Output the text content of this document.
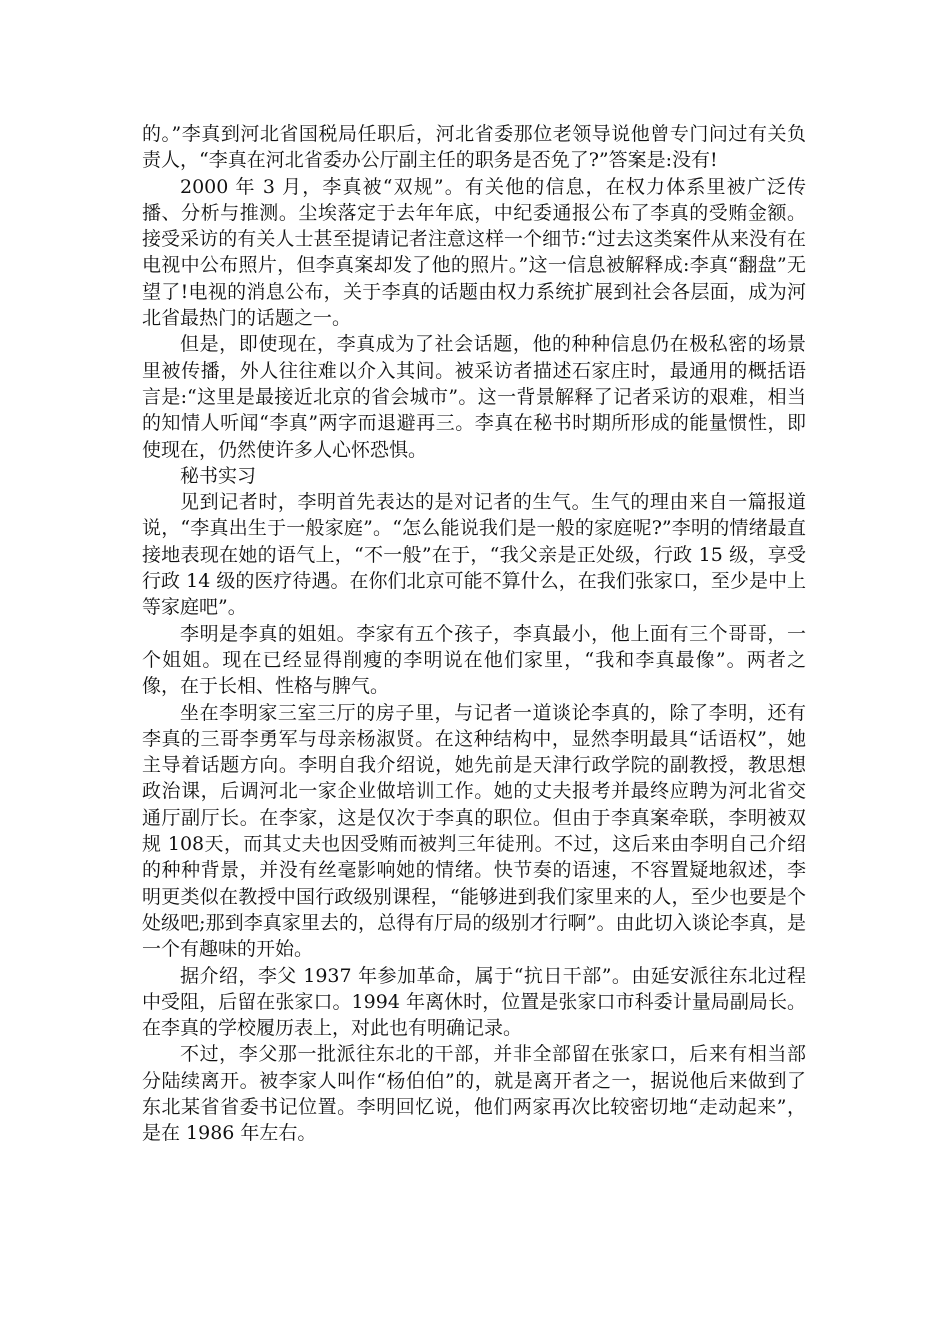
的。”李真到河北省国税局任职后，河北省委那位老领导说他曾专门问过有关负责人，“李真在河北省委办公厅副主任的职务是否免了?”答案是:没有!

2000 年 3 月，李真被“双规”。有关他的信息，在权力体系里被广泛传播、分析与推测。尘埃落定于去年年底，中纪委通报公布了李真的受贿金额。接受采访的有关人士甚至提请记者注意这样一个细节:“过去这类案件从来没有在电视中公布照片，但李真案却发了他的照片。”这一信息被解释成:李真“翻盘”无望了!电视的消息公布，关于李真的话题由权力系统扩展到社会各层面，成为河北省最热门的话题之一。

但是，即使现在，李真成为了社会话题，他的种种信息仍在极私密的场景里被传播，外人往往难以介入其间。被采访者描述石家庄时，最通用的概括语言是:“这里是最接近北京的省会城市”。这一背景解释了记者采访的艰难，相当的知情人听闻“李真”两字而退避再三。李真在秘书时期所形成的能量惯性，即使现在，仍然使许多人心怀恐惧。

秘书实习

见到记者时，李明首先表达的是对记者的生气。生气的理由来自一篇报道说，“李真出生于一般家庭”。“怎么能说我们是一般的家庭呢?”李明的情绪最直接地表现在她的语气上，“不一般”在于，“我父亲是正处级，行政 15 级，享受行政 14 级的医疗待遇。在你们北京可能不算什么，在我们张家口，至少是中上等家庭吧”。

李明是李真的姐姐。李家有五个孩子，李真最小，他上面有三个哥哥，一个姐姐。现在已经显得削瘦的李明说在他们家里，“我和李真最像”。两者之像，在于长相、性格与脾气。

坐在李明家三室三厅的房子里，与记者一道谈论李真的，除了李明，还有李真的三哥李勇军与母亲杨淑贤。在这种结构中，显然李明最具“话语权”，她主导着话题方向。李明自我介绍说，她先前是天津行政学院的副教授，教思想政治课，后调河北一家企业做培训工作。她的丈夫报考并最终应聘为河北省交通厅副厅长。在李家，这是仅次于李真的职位。但由于李真案牵联，李明被双规 108天，而其丈夫也因受贿而被判三年徒刑。不过，这后来由李明自己介绍的种种背景，并没有丝毫影响她的情绪。快节奏的语速，不容置疑地叙述，李明更类似在教授中国行政级别课程，“能够进到我们家里来的人，至少也要是个处级吧;那到李真家里去的，总得有厅局的级别才行啊”。由此切入谈论李真，是一个有趣味的开始。

据介绍，李父 1937 年参加革命，属于“抗日干部”。由延安派往东北过程中受阻，后留在张家口。1994 年离休时，位置是张家口市科委计量局副局长。在李真的学校履历表上，对此也有明确记录。

不过，李父那一批派往东北的干部，并非全部留在张家口，后来有相当部分陆续离开。被李家人叫作“杨伯伯”的，就是离开者之一，据说他后来做到了东北某省省委书记位置。李明回忆说，他们两家再次比较密切地“走动起来”，是在 1986 年左右。
